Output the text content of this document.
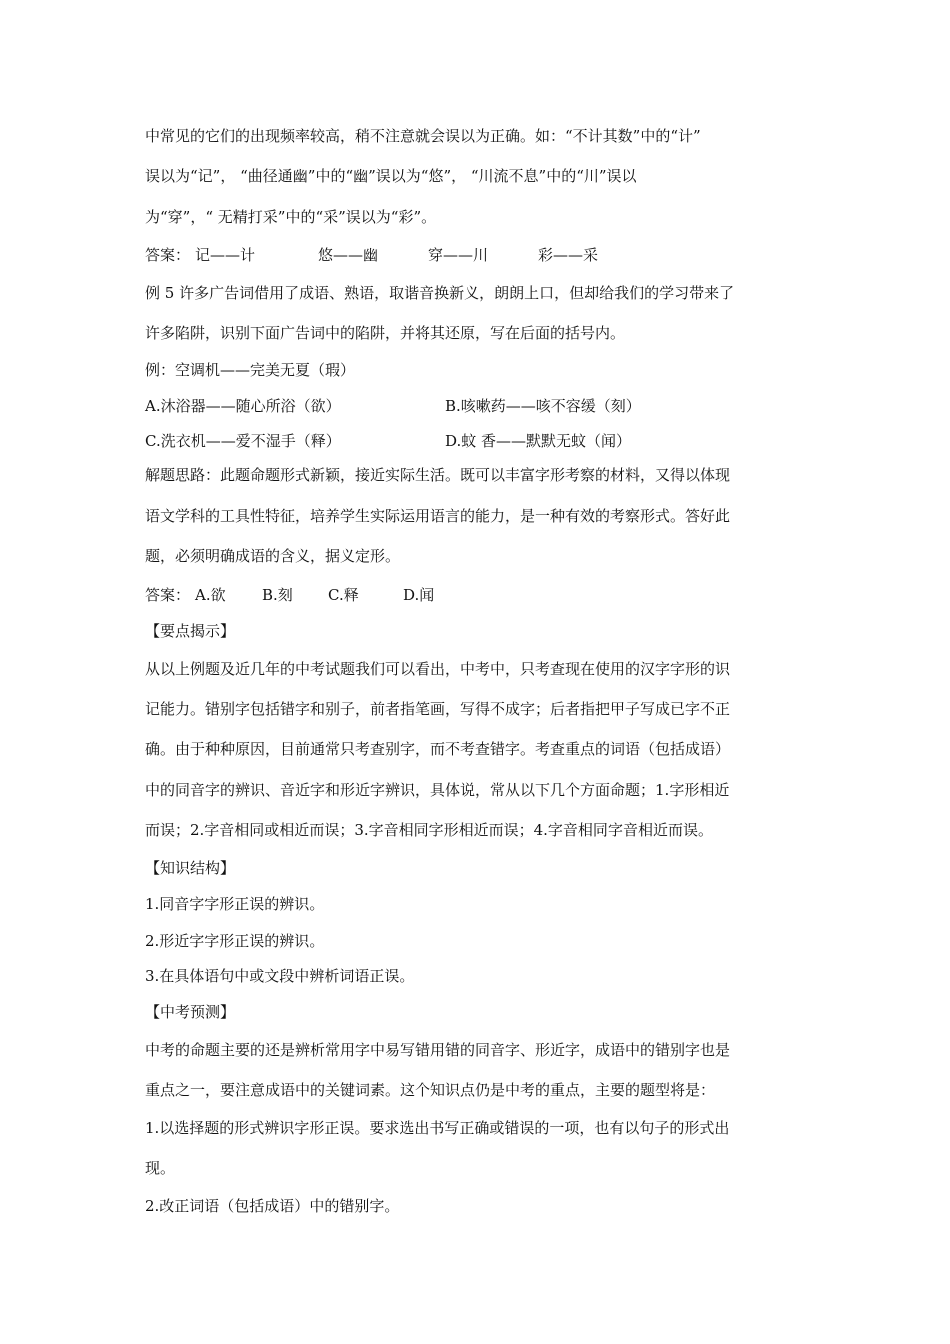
中常见的它们的出现频率较高，稍不注意就会误以为正确。如：“不计其数”中的“计”
误以为“记”， “曲径通幽”中的“幽”误以为“悠”， “川流不息”中的“川”误以
为“穿”，“ 无精打采”中的“采”误以为“彩”。
答案： 记——计	悠——幽	穿——川	彩——采
例 5 许多广告词借用了成语、熟语，取谐音换新义，朗朗上口，但却给我们的学习带来了
许多陷阱，识别下面广告词中的陷阱，并将其还原，写在后面的括号内。
例：空调机——完美无夏（瑕）
A.沐浴器——随心所浴（欲）	B.咳嗽药——咳不容缓（刻）
C.洗衣机——爱不湿手（释）	D.蚊 香——默默无蚊（闻）
解题思路：此题命题形式新颖，接近实际生活。既可以丰富字形考察的材料，又得以体现
语文学科的工具性特征，培养学生实际运用语言的能力，是一种有效的考察形式。答好此
题，必须明确成语的含义，据义定形。
答案： A.欲 B.刻 C.释	D.闻
【要点揭示】
从以上例题及近几年的中考试题我们可以看出，中考中，只考查现在使用的汉字字形的识
记能力。错别字包括错字和别子，前者指笔画，写得不成字；后者指把甲子写成已字不正
确。由于种种原因，目前通常只考查别字，而不考查错字。考查重点的词语（包括成语）
中的同音字的辨识、音近字和形近字辨识，具体说，常从以下几个方面命题；1.字形相近
而误；2.字音相同或相近而误；3.字音相同字形相近而误；4.字音相同字音相近而误。
【知识结构】
1.同音字字形正误的辨识。
2.形近字字形正误的辨识。
3.在具体语句中或文段中辨析词语正误。
【中考预测】
中考的命题主要的还是辨析常用字中易写错用错的同音字、形近字，成语中的错别字也是
重点之一，要注意成语中的关键词素。这个知识点仍是中考的重点，主要的题型将是：
1.以选择题的形式辨识字形正误。要求选出书写正确或错误的一项，也有以句子的形式出
现。
2.改正词语（包括成语）中的错别字。
